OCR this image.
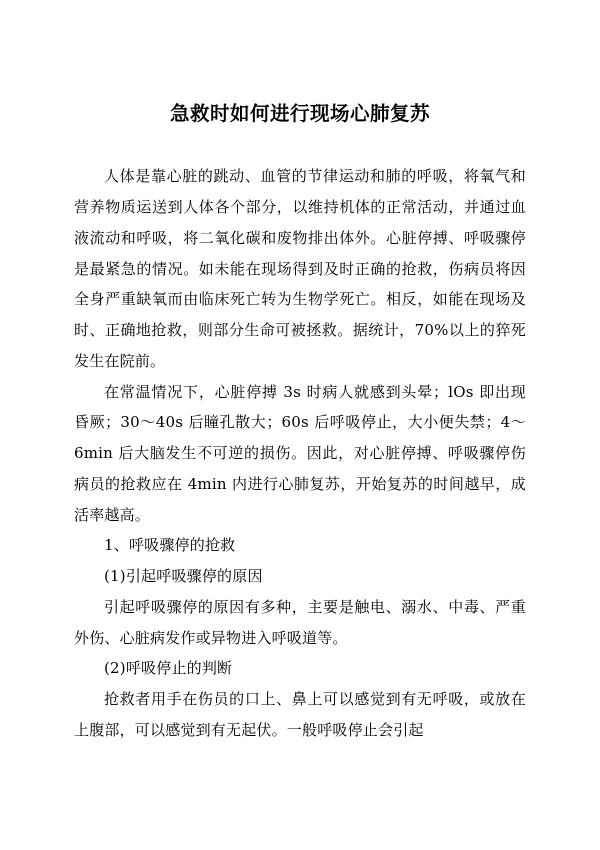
急救时如何进行现场心肺复苏

人体是靠心脏的跳动、血管的节律运动和肺的呼吸，将氧气和营养物质运送到人体各个部分，以维持机体的正常活动，并通过血液流动和呼吸，将二氧化碳和废物排出体外。心脏停搏、呼吸骤停是最紧急的情况。如未能在现场得到及时正确的抢救，伤病员将因全身严重缺氧而由临床死亡转为生物学死亡。相反，如能在现场及时、正确地抢救，则部分生命可被拯救。据统计，70%以上的猝死发生在院前。

在常温情况下，心脏停搏 3s 时病人就感到头晕；lOs 即出现昏厥；30～40s 后瞳孔散大；60s 后呼吸停止，大小便失禁；4～6min 后大脑发生不可逆的损伤。因此，对心脏停搏、呼吸骤停伤病员的抢救应在 4min 内进行心肺复苏，开始复苏的时间越早，成活率越高。

1、呼吸骤停的抢救

(1)引起呼吸骤停的原因

引起呼吸骤停的原因有多种，主要是触电、溺水、中毒、严重外伤、心脏病发作或异物进入呼吸道等。

(2)呼吸停止的判断

抢救者用手在伤员的口上、鼻上可以感觉到有无呼吸，或放在上腹部，可以感觉到有无起伏。一般呼吸停止会引起
